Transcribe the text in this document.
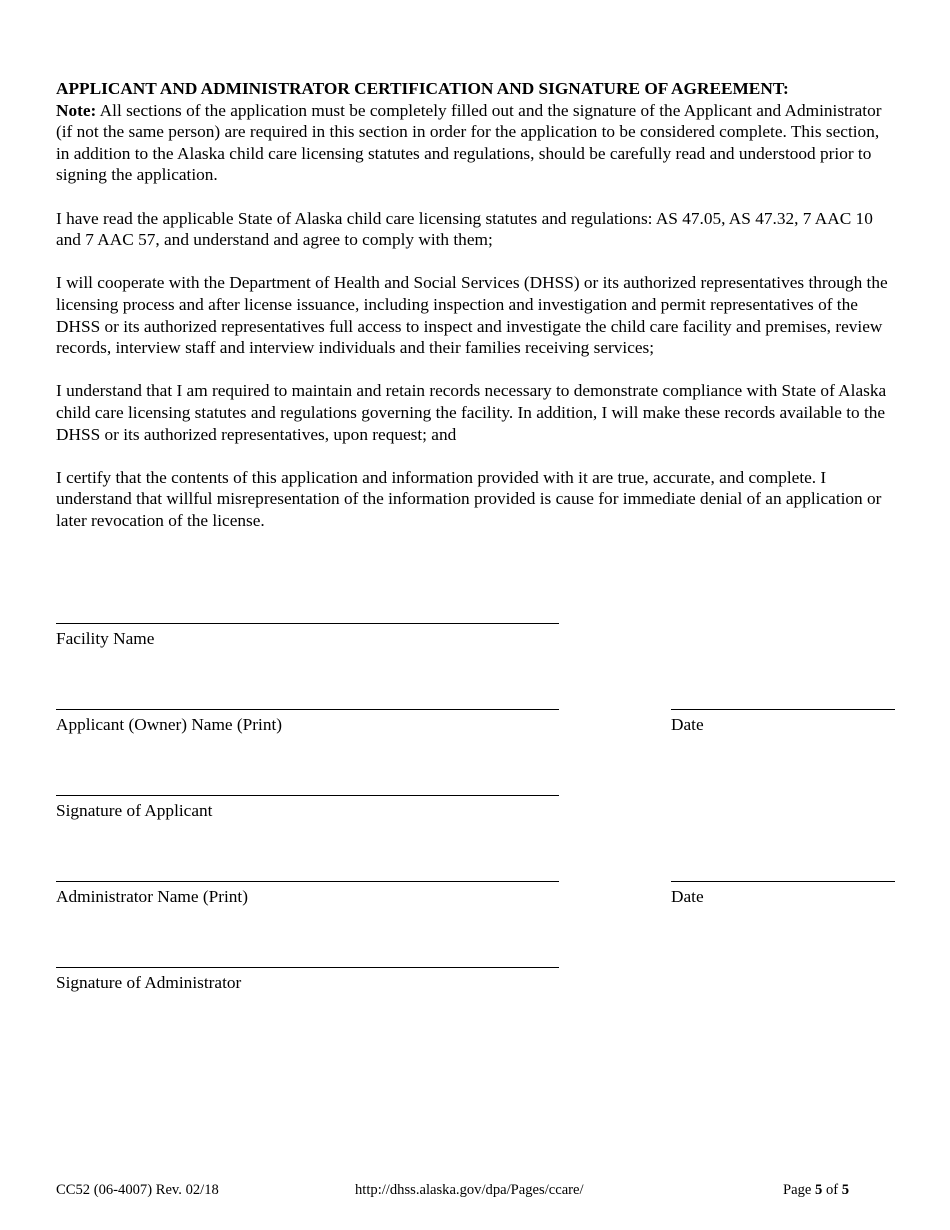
APPLICANT AND ADMINISTRATOR CERTIFICATION AND SIGNATURE OF AGREEMENT:

Note: All sections of the application must be completely filled out and the signature of the Applicant and Administrator (if not the same person) are required in this section in order for the application to be considered complete. This section, in addition to the Alaska child care licensing statutes and regulations, should be carefully read and understood prior to signing the application.

I have read the applicable State of Alaska child care licensing statutes and regulations: AS 47.05, AS 47.32, 7 AAC 10 and 7 AAC 57, and understand and agree to comply with them;

I will cooperate with the Department of Health and Social Services (DHSS) or its authorized representatives through the licensing process and after license issuance, including inspection and investigation and permit representatives of the DHSS or its authorized representatives full access to inspect and investigate the child care facility and premises, review records, interview staff and interview individuals and their families receiving services;

I understand that I am required to maintain and retain records necessary to demonstrate compliance with State of Alaska child care licensing statutes and regulations governing the facility. In addition, I will make these records available to the DHSS or its authorized representatives, upon request; and

I certify that the contents of this application and information provided with it are true, accurate, and complete. I understand that willful misrepresentation of the information provided is cause for immediate denial of an application or later revocation of the license.

Facility Name
Applicant (Owner) Name (Print)	Date
Signature of Applicant
Administrator Name (Print)	Date
Signature of Administrator
CC52 (06-4007) Rev. 02/18	http://dhss.alaska.gov/dpa/Pages/ccare/	Page 5 of 5
